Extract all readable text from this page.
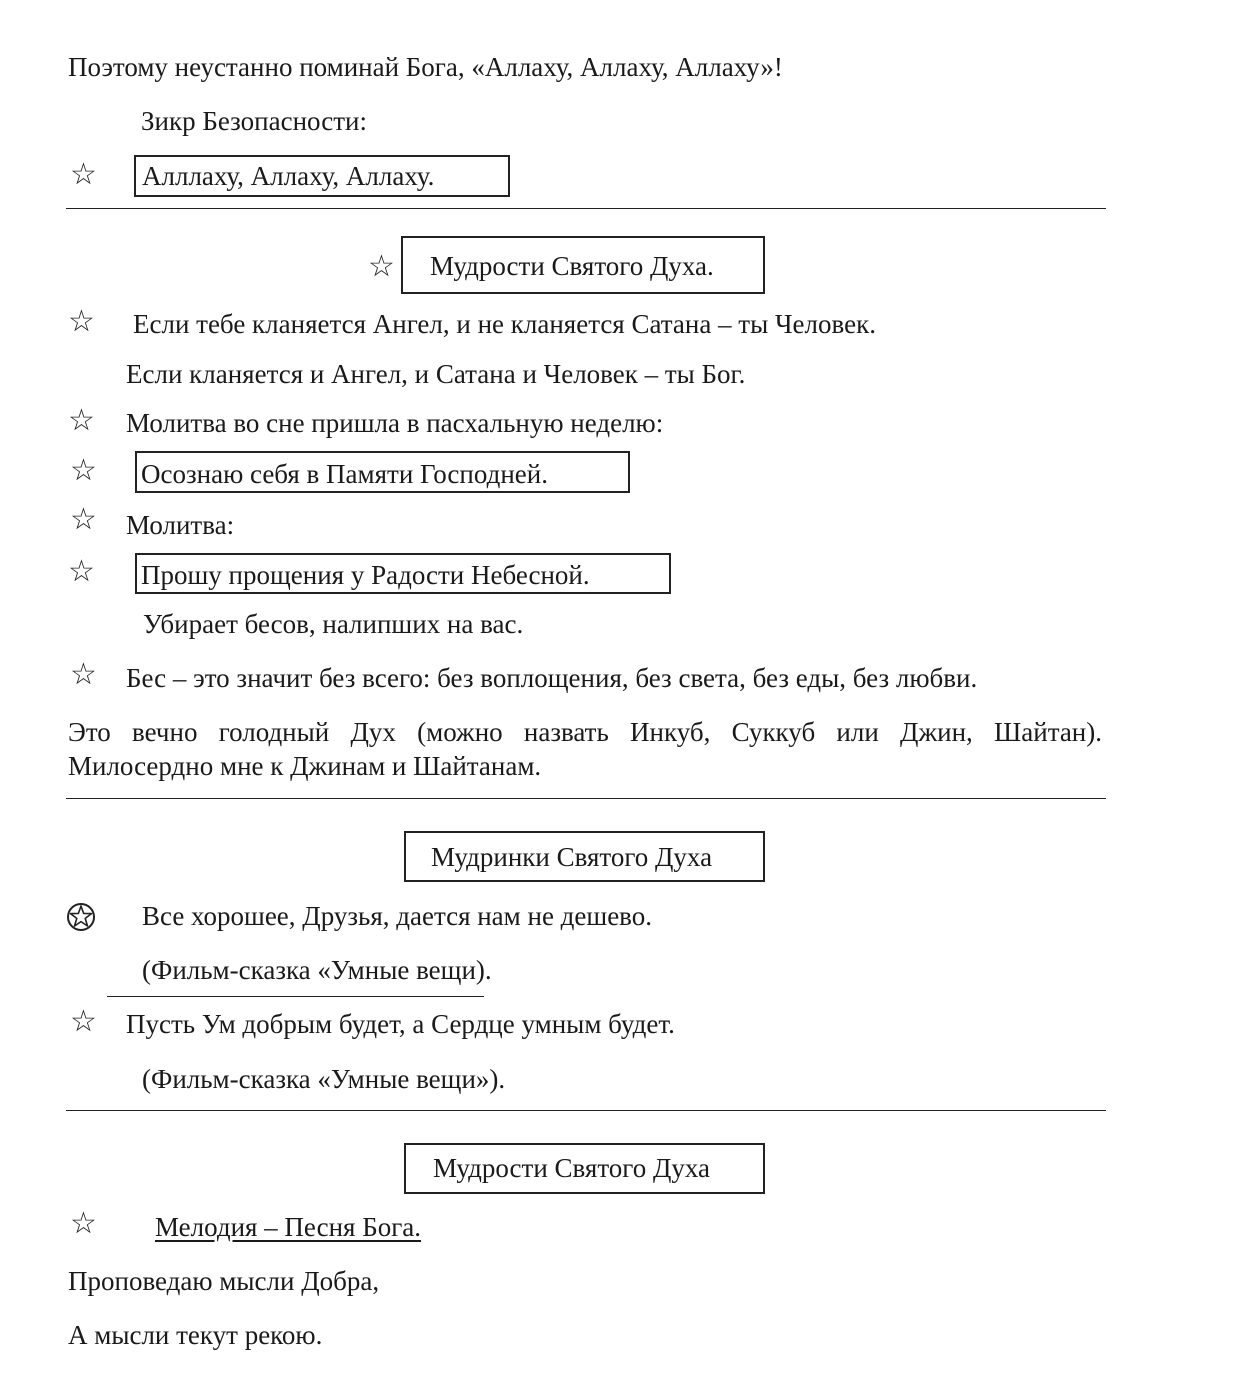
Поэтому неустанно поминай Бога, «Аллаху, Аллаху, Аллаху»!
Зикр Безопасности:
☆ Алллаху, Аллаху, Аллаху.
☆ Мудрости Святого Духа.
☆ Если тебе кланяется Ангел, и не кланяется Сатана – ты Человек.
Если кланяется и Ангел, и Сатана и Человек – ты Бог.
☆ Молитва во сне пришла в пасхальную неделю:
☆ Осознаю себя в Памяти Господней.
☆ Молитва:
☆ Прошу прощения у Радости Небесной.
Убирает бесов, налипших на вас.
☆ Бес – это значит без всего: без воплощения, без света, без еды, без любви.
Это вечно голодный Дух (можно назвать Инкуб, Суккуб или Джин, Шайтан). Милосердно мне к Джинам и Шайтанам.
Мудринки Святого Духа
Все хорошее, Друзья, дается нам не дешево.
(Фильм-сказка «Умные вещи).
☆ Пусть Ум добрым будет, а Сердце умным будет.
(Фильм-сказка «Умные вещи»).
Мудрости Святого Духа
☆ Мелодия – Песня Бога.
Проповедаю мысли Добра,
А мысли текут рекою.
